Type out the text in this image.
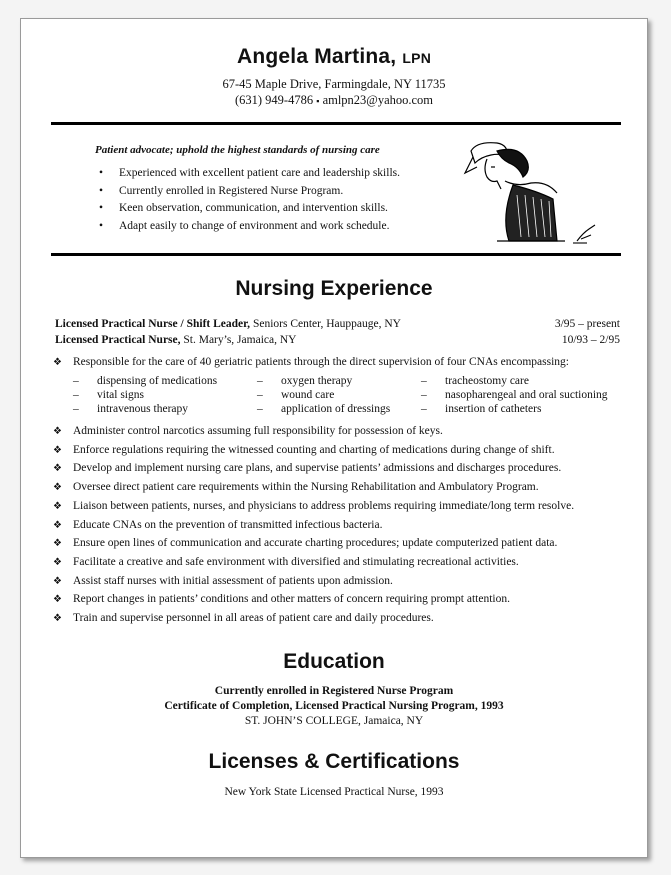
Angela Martina, LPN
67-45 Maple Drive, Farmingdale, NY 11735
(631) 949-4786 ▪ amlpn23@yahoo.com
Patient advocate; uphold the highest standards of nursing care
• Experienced with excellent patient care and leadership skills.
• Currently enrolled in Registered Nurse Program.
• Keen observation, communication, and intervention skills.
• Adapt easily to change of environment and work schedule.
Nursing Experience
Licensed Practical Nurse / Shift Leader, Seniors Center, Hauppauge, NY	3/95 – present
Licensed Practical Nurse, St. Mary’s, Jamaica, NY	10/93 – 2/95
❖ Responsible for the care of 40 geriatric patients through the direct supervision of four CNAs encompassing:
– dispensing of medications	– oxygen therapy	– tracheostomy care
– vital signs	– wound care	– nasopharengeal and oral suctioning
– intravenous therapy	– application of dressings	– insertion of catheters
❖ Administer control narcotics assuming full responsibility for possession of keys.
❖ Enforce regulations requiring the witnessed counting and charting of medications during change of shift.
❖ Develop and implement nursing care plans, and supervise patients’ admissions and discharges procedures.
❖ Oversee direct patient care requirements within the Nursing Rehabilitation and Ambulatory Program.
❖ Liaison between patients, nurses, and physicians to address problems requiring immediate/long term resolve.
❖ Educate CNAs on the prevention of transmitted infectious bacteria.
❖ Ensure open lines of communication and accurate charting procedures; update computerized patient data.
❖ Facilitate a creative and safe environment with diversified and stimulating recreational activities.
❖ Assist staff nurses with initial assessment of patients upon admission.
❖ Report changes in patients’ conditions and other matters of concern requiring prompt attention.
❖ Train and supervise personnel in all areas of patient care and daily procedures.
Education
Currently enrolled in Registered Nurse Program
Certificate of Completion, Licensed Practical Nursing Program, 1993
ST. JOHN’S COLLEGE, Jamaica, NY
Licenses & Certifications
New York State Licensed Practical Nurse, 1993
